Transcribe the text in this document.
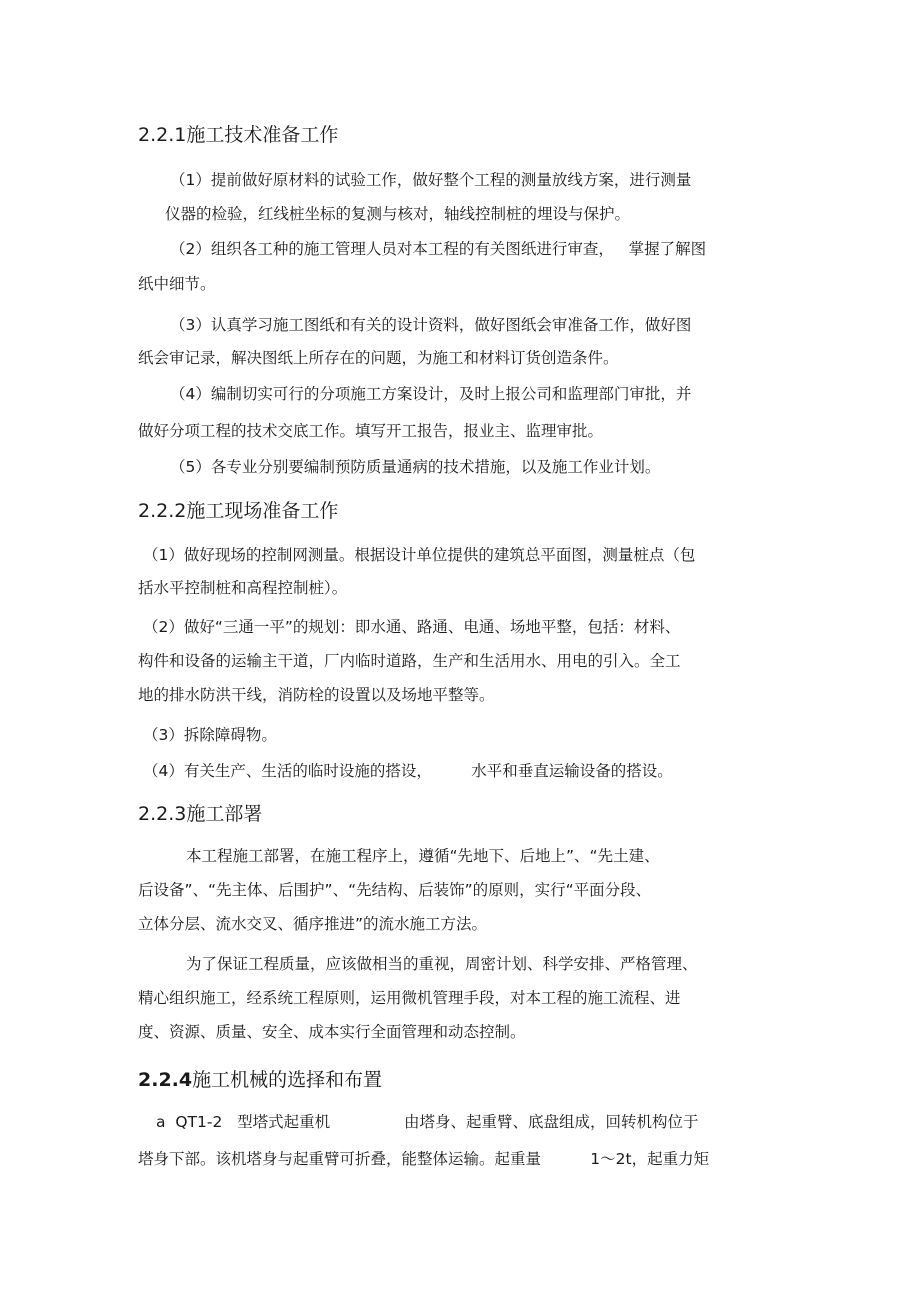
2.2.1施工技术准备工作
（1）提前做好原材料的试验工作，做好整个工程的测量放线方案，进行测量
仪器的检验，红线桩坐标的复测与核对，轴线控制桩的埋设与保护。
（2）组织各工种的施工管理人员对本工程的有关图纸进行审查，   掌握了解图
纸中细节。
（3）认真学习施工图纸和有关的设计资料，做好图纸会审准备工作，做好图
纸会审记录，解决图纸上所存在的问题，为施工和材料订货创造条件。
（4）编制切实可行的分项施工方案设计，及时上报公司和监理部门审批，并
做好分项工程的技术交底工作。填写开工报告，报业主、监理审批。
（5）各专业分别要编制预防质量通病的技术措施，以及施工作业计划。
2.2.2施工现场准备工作
（1）做好现场的控制网测量。根据设计单位提供的建筑总平面图，测量桩点（包
括水平控制桩和高程控制桩）。
（2）做好“三通一平”的规划：即水通、路通、电通、场地平整，包括：材料、
构件和设备的运输主干道，厂内临时道路，生产和生活用水、用电的引入。全工
地的排水防洪干线，消防栓的设置以及场地平整等。
（3）拆除障碍物。
（4）有关生产、生活的临时设施的搭设，        水平和垂直运输设备的搭设。
2.2.3施工部署
本工程施工部署，在施工程序上，遵循“先地下、后地上”、“先土建、
后设备”、“先主体、后围护”、“先结构、后装饰”的原则，实行“平面分段、
立体分层、流水交叉、循序推进”的流水施工方法。
为了保证工程质量，应该做相当的重视，周密计划、科学安排、严格管理、
精心组织施工，经系统工程原则，运用微机管理手段，对本工程的施工流程、进
度、资源、质量、安全、成本实行全面管理和动态控制。
2.2.4施工机械的选择和布置
a  QT1-2   型塔式起重机               由塔身、起重臂、底盘组成，回转机构位于
塔身下部。该机塔身与起重臂可折叠，能整体运输。起重量          1～2t，起重力矩
